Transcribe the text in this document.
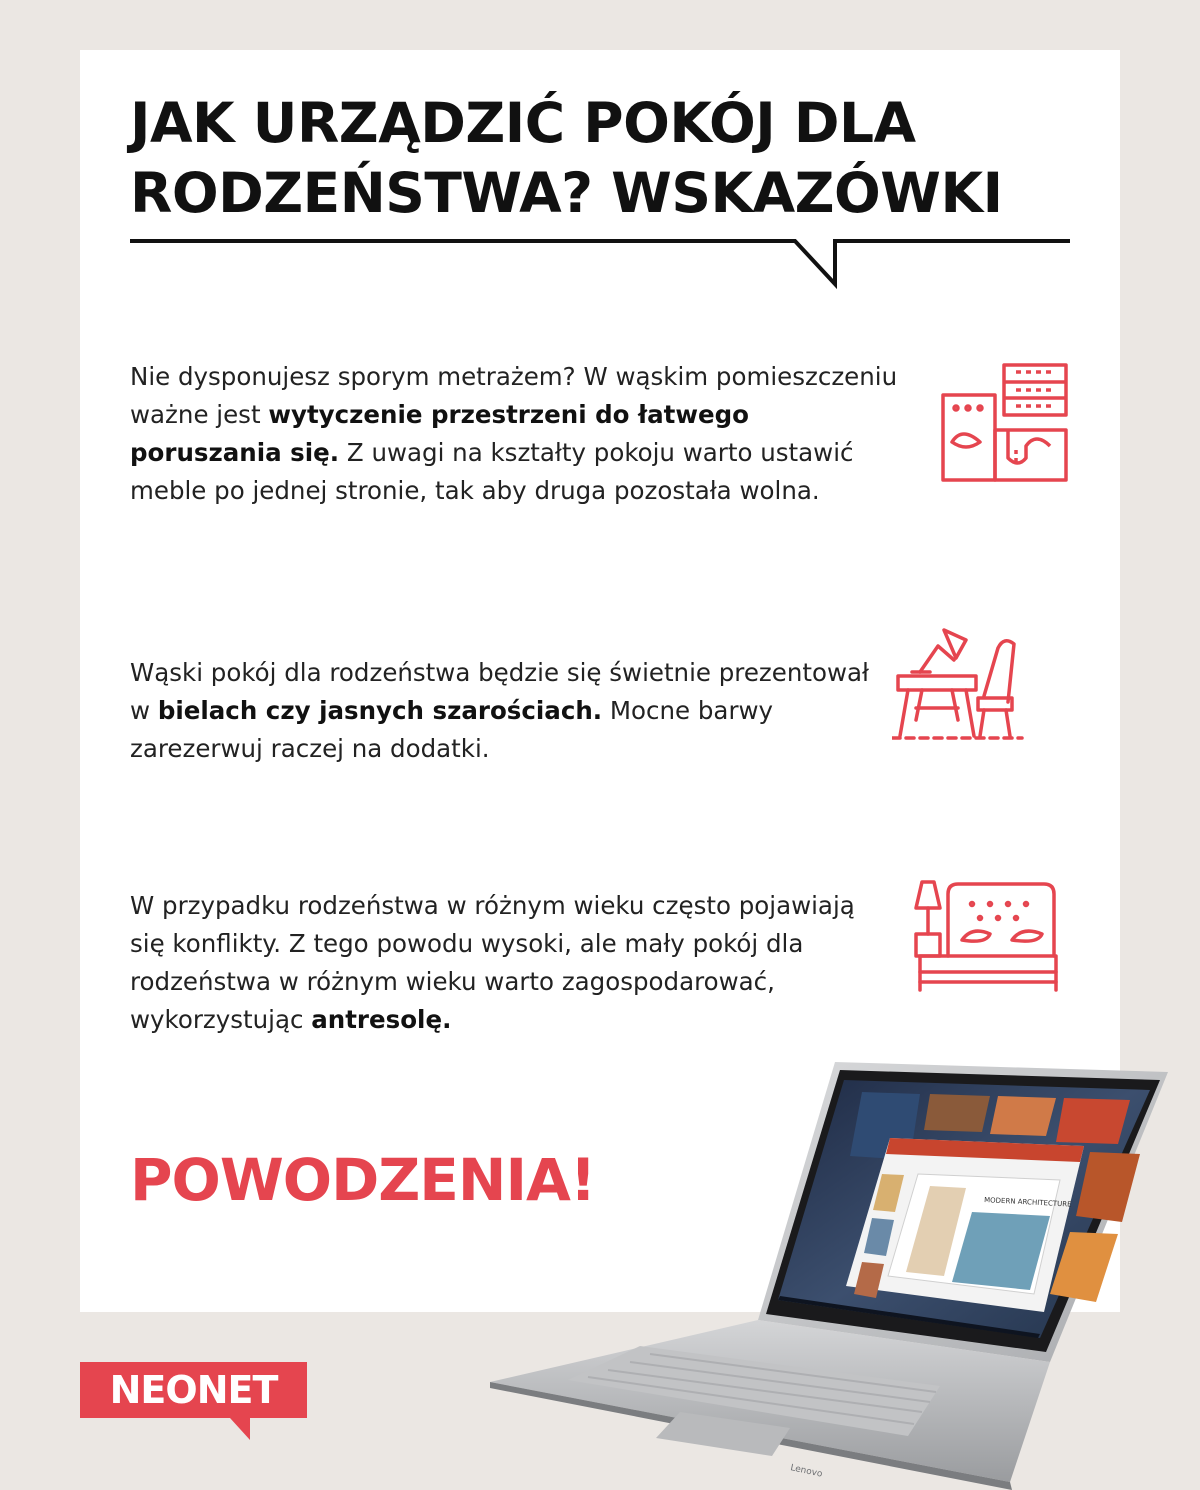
JAK URZĄDZIĆ POKÓJ DLA RODZEŃSTWA? WSKAZÓWKI

Nie dysponujesz sporym metrażem? W wąskim pomieszczeniu ważne jest wytyczenie przestrzeni do łatwego poruszania się. Z uwagi na kształty pokoju warto ustawić meble po jednej stronie, tak aby druga pozostała wolna.

Wąski pokój dla rodzeństwa będzie się świetnie prezentował w bielach czy jasnych szarościach. Mocne barwy zarezerwuj raczej na dodatki.

W przypadku rodzeństwa w różnym wieku często pojawiają się konflikty. Z tego powodu wysoki, ale mały pokój dla rodzeństwa w różnym wieku warto zagospodarować, wykorzystując antresolę.

POWODZENIA!	MODERN ARCHITECTURE
Lenovo
NEONET
